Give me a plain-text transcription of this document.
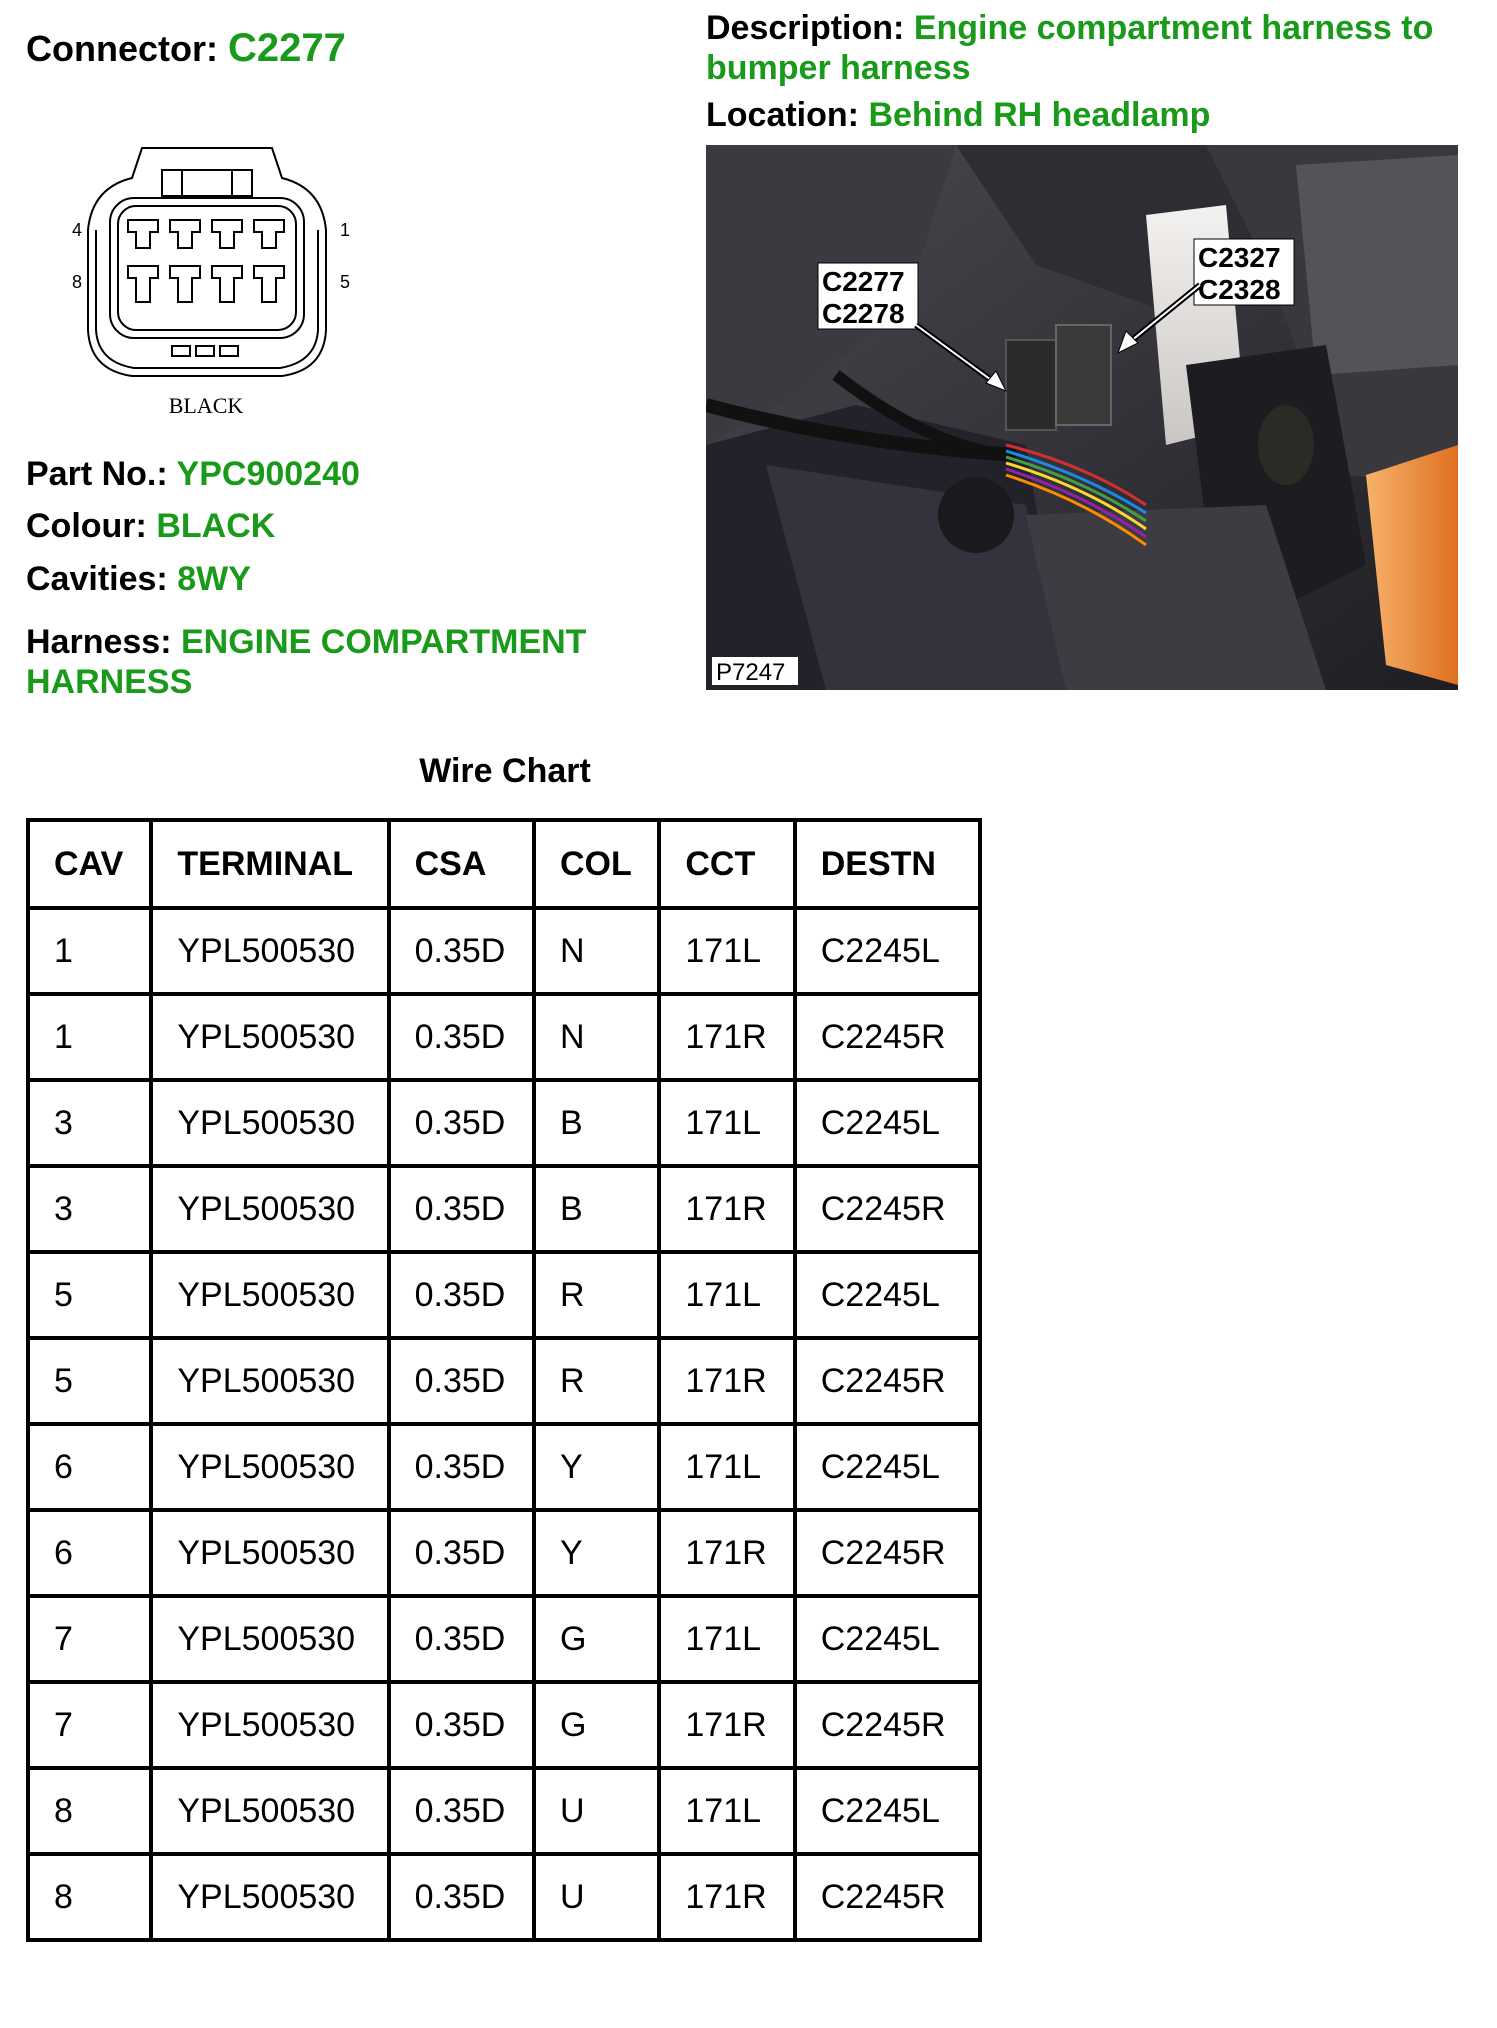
Connector: C2277
4
8
1
5
BLACK
Part No.: YPC900240
Colour: BLACK
Cavities: 8WY
Harness: ENGINE COMPARTMENT HARNESS
Description: Engine compartment harness to bumper harness
Location: Behind RH headlamp
C2277
C2278
C2327
C2328
P7247
Wire Chart
CAV	TERMINAL	CSA	COL	CCT	DESTN
1	YPL500530	0.35D	N	171L	C2245L
1	YPL500530	0.35D	N	171R	C2245R
3	YPL500530	0.35D	B	171L	C2245L
3	YPL500530	0.35D	B	171R	C2245R
5	YPL500530	0.35D	R	171L	C2245L
5	YPL500530	0.35D	R	171R	C2245R
6	YPL500530	0.35D	Y	171L	C2245L
6	YPL500530	0.35D	Y	171R	C2245R
7	YPL500530	0.35D	G	171L	C2245L
7	YPL500530	0.35D	G	171R	C2245R
8	YPL500530	0.35D	U	171L	C2245L
8	YPL500530	0.35D	U	171R	C2245R
